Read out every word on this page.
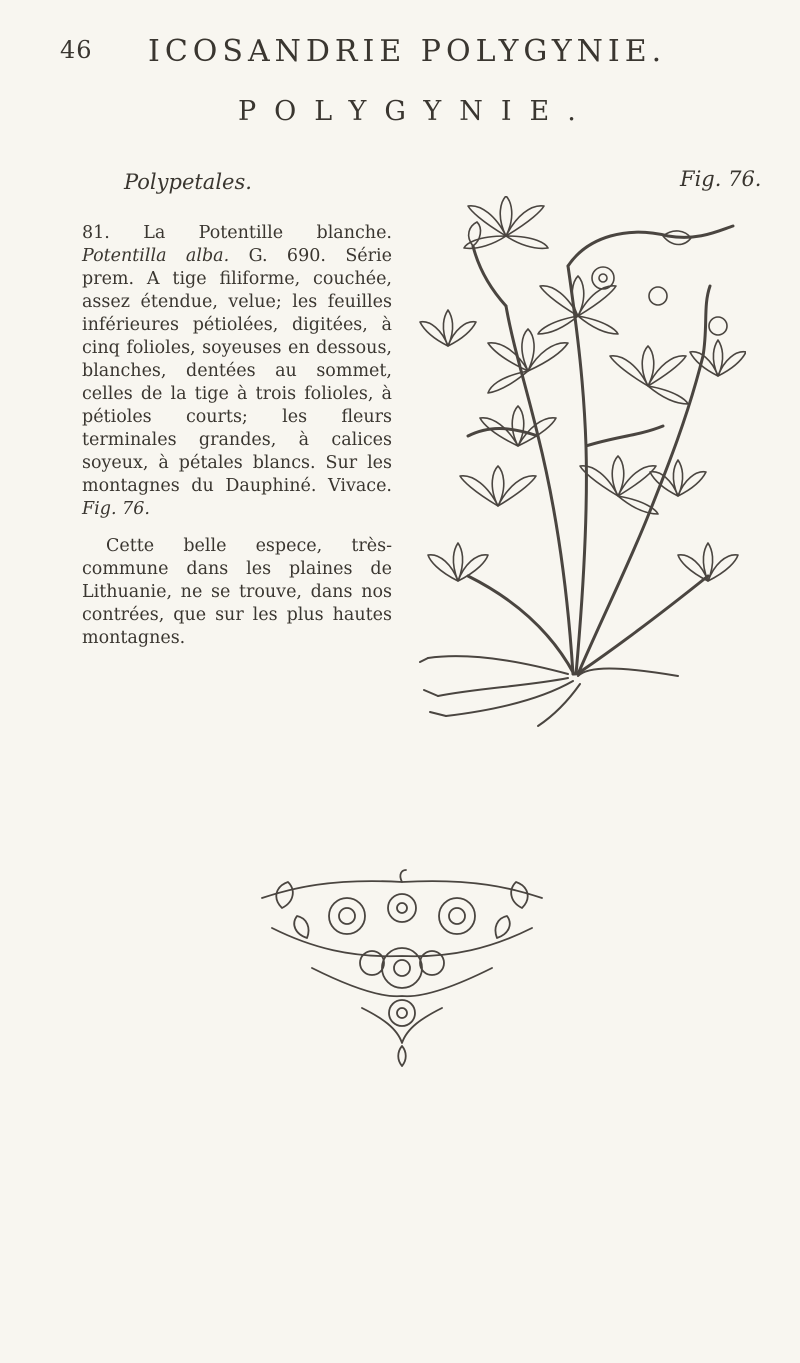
46 ICOSANDRIE POLYGYNIE.
POLYGYNIE.
Polypetales.	Fig. 76.

81. La Potentille blanche. Potentilla alba. G. 690. Série prem. A tige filiforme, couchée, assez étendue, velue; les feuilles inférieures pétiolées, digitées, à cinq folioles, soyeuses en dessous, blanches, dentées au sommet, celles de la tige à trois folioles, à pétioles courts; les fleurs terminales grandes, à calices soyeux, à pétales blancs. Sur les montagnes du Dauphiné. Vivace. Fig. 76.

Cette belle espece, très-commune dans les plaines de Lithuanie, ne se trouve, dans nos contrées, que sur les plus hautes montagnes.
